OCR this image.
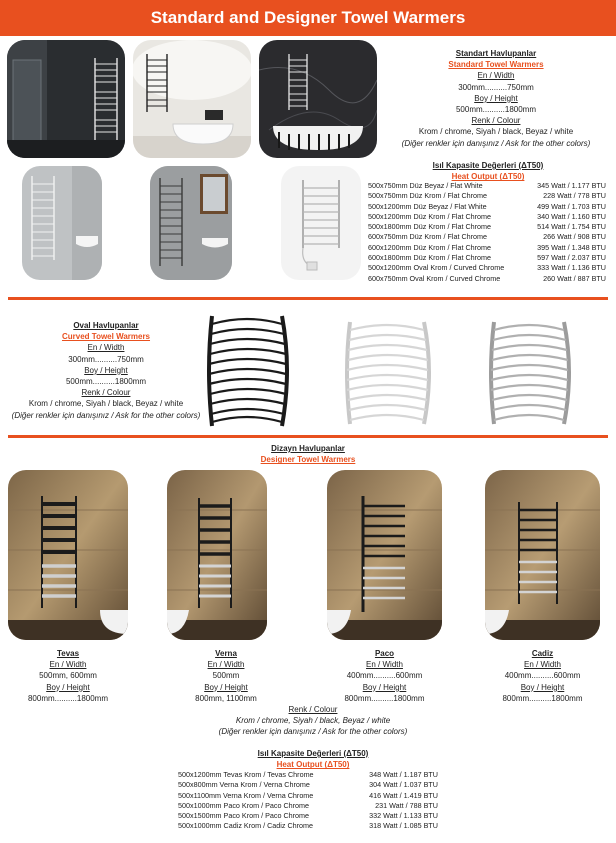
Standard and Designer Towel Warmers
Standart Havlupanlar
Standard Towel Warmers
En / Width
300mm..........750mm
Boy / Height
500mm..........1800mm
Renk / Colour
Krom / chrome, Siyah / black, Beyaz / white
(Diğer renkler için danışınız / Ask for the other colors)
Isıl Kapasite Değerleri (ΔT50)
Heat Output (ΔT50)
500x750mm Düz Beyaz / Flat White	345 Watt / 1.177 BTU
500x750mm Düz Krom / Flat Chrome	228 Watt / 778 BTU
500x1200mm Düz Beyaz / Flat White	499 Watt / 1.703 BTU
500x1200mm Düz Krom / Flat Chrome	340 Watt / 1.160 BTU
500x1800mm Düz Krom / Flat Chrome	514 Watt / 1.754 BTU
600x750mm Düz Krom / Flat Chrome	266 Watt / 908 BTU
600x1200mm Düz Krom / Flat Chrome	395 Watt / 1.348 BTU
600x1800mm Düz Krom / Flat Chrome	597 Watt / 2.037 BTU
500x1200mm Oval Krom / Curved Chrome	333 Watt / 1.136 BTU
600x750mm Oval Krom / Curved Chrome	260 Watt / 887 BTU
Oval Havlupanlar
Curved Towel Warmers
En / Width
300mm..........750mm
Boy / Height
500mm..........1800mm
Renk / Colour
Krom / chrome, Siyah / black, Beyaz / white
(Diğer renkler için danışınız / Ask for the other colors)
Dizayn Havlupanlar
Designer Towel Warmers
Tevas
En / Width
500mm, 600mm
Boy / Height
800mm..........1800mm
Verna
En / Width
500mm
Boy / Height
800mm, 1100mm
Paco
En / Width
400mm..........600mm
Boy / Height
800mm..........1800mm
Cadiz
En / Width
400mm..........600mm
Boy / Height
800mm..........1800mm
Renk / Colour
Krom / chrome, Siyah / black, Beyaz / white
(Diğer renkler için danışınız / Ask for the other colors)
Isıl Kapasite Değerleri (ΔT50)
Heat Output (ΔT50)
500x1200mm Tevas Krom / Tevas Chrome	348 Watt / 1.187 BTU
500x800mm Verna Krom / Verna Chrome	304 Watt / 1.037 BTU
500x1100mm Verna Krom / Verna Chrome	416 Watt / 1.419 BTU
500x1000mm Paco Krom / Paco Chrome	231 Watt / 788 BTU
500x1500mm Paco Krom / Paco Chrome	332 Watt / 1.133 BTU
500x1000mm Cadiz Krom / Cadiz Chrome	318 Watt / 1.085 BTU
